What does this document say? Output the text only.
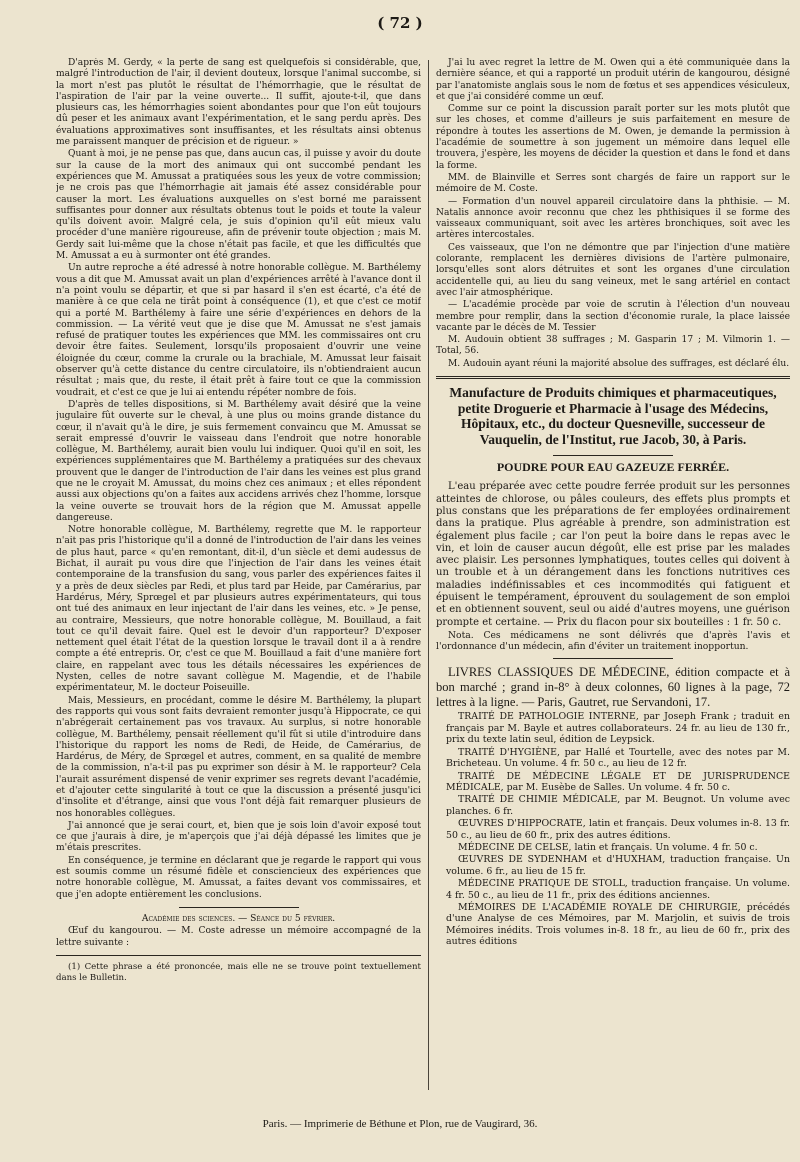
( 72 )

D'après M. Gerdy, « la perte de sang est quelquefois si considérable, que, malgré l'introduction de l'air, il devient douteux, lorsque l'animal succombe, si la mort n'est pas plutôt le résultat de l'hémorrhagie, que le résultat de l'aspiration de l'air par la veine ouverte... Il suffit, ajoute-t-il, que dans plusieurs cas, les hémorrhagies soient abondantes pour que l'on eût toujours dû peser et les animaux avant l'expérimentation, et le sang perdu après. Des évaluations approximatives sont insuffisantes, et les résultats ainsi obtenus me paraissent manquer de précision et de rigueur. »

Quant à moi, je ne pense pas que, dans aucun cas, il puisse y avoir du doute sur la cause de la mort des animaux qui ont succombé pendant les expériences que M. Amussat a pratiquées sous les yeux de votre commission; je ne crois pas que l'hémorrhagie ait jamais été assez considérable pour causer la mort. Les évaluations auxquelles on s'est borné me paraissent suffisantes pour donner aux résultats obtenus tout le poids et toute la valeur qu'ils doivent avoir. Malgré cela, je suis d'opinion qu'il eût mieux valu procéder d'une manière rigoureuse, afin de prévenir toute objection ; mais M. Gerdy sait lui-même que la chose n'était pas facile, et que les difficultés que M. Amussat a eu à surmonter ont été grandes.

Un autre reproche a été adressé à notre honorable collègue. M. Barthélemy vous a dit que M. Amussat avait un plan d'expériences arrêté à l'avance dont il n'a point voulu se départir, et que si par hasard il s'en est écarté, c'a été de manière à ce que cela ne tirât point à conséquence (1), et que c'est ce motif qui a porté M. Barthélemy à faire une série d'expériences en dehors de la commission. — La vérité veut que je dise que M. Amussat ne s'est jamais refusé de pratiquer toutes les expériences que MM. les commissaires ont cru devoir être faites. Seulement, lorsqu'ils proposaient d'ouvrir une veine éloignée du cœur, comme la crurale ou la brachiale, M. Amussat leur faisait observer qu'à cette distance du centre circulatoire, ils n'obtiendraient aucun résultat ; mais que, du reste, il était prêt à faire tout ce que la commission voudrait, et c'est ce que je lui ai entendu répéter nombre de fois.

D'après de telles dispositions, si M. Barthélemy avait désiré que la veine jugulaire fût ouverte sur le cheval, à une plus ou moins grande distance du cœur, il n'avait qu'à le dire, je suis fermement convaincu que M. Amussat se serait empressé d'ouvrir le vaisseau dans l'endroit que notre honorable collègue, M. Barthélemy, aurait bien voulu lui indiquer. Quoi qu'il en soit, les expériences supplémentaires que M. Barthélemy a pratiquées sur des chevaux prouvent que le danger de l'introduction de l'air dans les veines est plus grand que ne le croyait M. Amussat, du moins chez ces animaux ; et elles répondent aussi aux objections qu'on a faites aux accidens arrivés chez l'homme, lorsque la veine ouverte se trouvait hors de la région que M. Amussat appelle dangereuse.

Notre honorable collègue, M. Barthélemy, regrette que M. le rapporteur n'ait pas pris l'historique qu'il a donné de l'introduction de l'air dans les veines de plus haut, parce « qu'en remontant, dit-il, d'un siècle et demi audessus de Bichat, il aurait pu vous dire que l'injection de l'air dans les veines était contemporaine de la transfusion du sang, vous parler des expériences faites il y a près de deux siècles par Redi, et plus tard par Heide, par Camérarius, par Hardérus, Méry, Sprœgel et par plusieurs autres expérimentateurs, qui tous ont tué des animaux en leur injectant de l'air dans les veines, etc. » Je pense, au contraire, Messieurs, que notre honorable collègue, M. Bouillaud, a fait tout ce qu'il devait faire. Quel est le devoir d'un rapporteur? D'exposer nettement quel était l'état de la question lorsque le travail dont il a à rendre compte a été entrepris. Or, c'est ce que M. Bouillaud a fait d'une manière fort claire, en rappelant avec tous les détails nécessaires les expériences de Nysten, celles de notre savant collègue M. Magendie, et de l'habile expérimentateur, M. le docteur Poiseuille.

Mais, Messieurs, en procédant, comme le désire M. Barthélemy, la plupart des rapports qui vous sont faits devraient remonter jusqu'à Hippocrate, ce qui n'abrégerait certainement pas vos travaux. Au surplus, si notre honorable collègue, M. Barthélemy, pensait réellement qu'il fût si utile d'introduire dans l'historique du rapport les noms de Redi, de Heide, de Camérarius, de Hardérus, de Méry, de Sprœgel et autres, comment, en sa qualité de membre de la commission, n'a-t-il pas pu exprimer son désir à M. le rapporteur? Cela l'aurait assurément dispensé de venir exprimer ses regrets devant l'académie, et d'ajouter cette singularité à tout ce que la discussion a présenté jusqu'ici d'insolite et d'étrange, ainsi que vous l'ont déjà fait remarquer plusieurs de nos honorables collègues.

J'ai annoncé que je serai court, et, bien que je sois loin d'avoir exposé tout ce que j'aurais à dire, je m'aperçois que j'ai déjà dépassé les limites que je m'étais prescrites.

En conséquence, je termine en déclarant que je regarde le rapport qui vous est soumis comme un résumé fidèle et consciencieux des expériences que notre honorable collègue, M. Amussat, a faites devant vos commissaires, et que j'en adopte entièrement les conclusions.

Académie des sciences. — Séance du 5 février.

Œuf du kangourou. — M. Coste adresse un mémoire accompagné de la lettre suivante :

(1) Cette phrase a été prononcée, mais elle ne se trouve point textuellement dans le Bulletin.

J'ai lu avec regret la lettre de M. Owen qui a été communiquée dans la dernière séance, et qui a rapporté un produit utérin de kangourou, désigné par l'anatomiste anglais sous le nom de fœtus et ses appendices vésiculeux, et que j'ai considéré comme un œuf.

Comme sur ce point la discussion paraît porter sur les mots plutôt que sur les choses, et comme d'ailleurs je suis parfaitement en mesure de répondre à toutes les assertions de M. Owen, je demande la permission à l'académie de soumettre à son jugement un mémoire dans lequel elle trouvera, j'espère, les moyens de décider la question et dans le fond et dans la forme.

MM. de Blainville et Serres sont chargés de faire un rapport sur le mémoire de M. Coste.

— Formation d'un nouvel appareil circulatoire dans la phthisie. — M. Natalis annonce avoir reconnu que chez les phthisiques il se forme des vaisseaux communiquant, soit avec les artères bronchiques, soit avec les artères intercostales.

Ces vaisseaux, que l'on ne démontre que par l'injection d'une matière colorante, remplacent les dernières divisions de l'artère pulmonaire, lorsqu'elles sont alors détruites et sont les organes d'une circulation accidentelle qui, au lieu du sang veineux, met le sang artériel en contact avec l'air atmosphérique.

— L'académie procède par voie de scrutin à l'élection d'un nouveau membre pour remplir, dans la section d'économie rurale, la place laissée vacante par le décès de M. Tessier

M. Audouin obtient 38 suffrages ; M. Gasparin 17 ; M. Vilmorin 1. — Total, 56.

M. Audouin ayant réuni la majorité absolue des suffrages, est déclaré élu.

Manufacture de Produits chimiques et pharmaceutiques, petite Droguerie et Pharmacie à l'usage des Médecins, Hôpitaux, etc., du docteur Quesneville, successeur de Vauquelin, de l'Institut, rue Jacob, 30, à Paris.
POUDRE POUR EAU GAZEUZE FERRÉE.

L'eau préparée avec cette poudre ferrée produit sur les personnes atteintes de chlorose, ou pâles couleurs, des effets plus prompts et plus constans que les préparations de fer employées ordinairement dans la pratique. Plus agréable à prendre, son administration est également plus facile ; car l'on peut la boire dans le repas avec le vin, et loin de causer aucun dégoût, elle est prise par les malades avec plaisir. Les personnes lymphatiques, toutes celles qui doivent à un trouble et à un dérangement dans les fonctions nutritives ces maladies indéfinissables et ces incommodités qui fatiguent et épuisent le tempérament, éprouvent du soulagement de son emploi et en obtiennent souvent, seul ou aidé d'autres moyens, une guérison prompte et certaine. — Prix du flacon pour six bouteilles : 1 fr. 50 c.

Nota. Ces médicamens ne sont délivrés que d'après l'avis et l'ordonnance d'un médecin, afin d'éviter un traitement inopportun.

LIVRES CLASSIQUES DE MÉDECINE, édition compacte et à bon marché ; grand in-8° à deux colonnes, 60 lignes à la page, 72 lettres à la ligne. — Paris, Gautret, rue Servandoni, 17.

TRAITÉ DE PATHOLOGIE INTERNE, par Joseph Frank ; traduit en français par M. Bayle et autres collaborateurs. 24 fr. au lieu de 130 fr., prix du texte latin seul, édition de Leypsick.

TRAITÉ D'HYGIÈNE, par Hallé et Tourtelle, avec des notes par M. Bricheteau. Un volume. 4 fr. 50 c., au lieu de 12 fr.

TRAITÉ DE MÉDECINE LÉGALE ET DE JURISPRUDENCE MÉDICALE, par M. Eusèbe de Salles. Un volume. 4 fr. 50 c.

TRAITÉ DE CHIMIE MÉDICALE, par M. Beugnot. Un volume avec planches. 6 fr.

ŒUVRES D'HIPPOCRATE, latin et français. Deux volumes in-8. 13 fr. 50 c., au lieu de 60 fr., prix des autres éditions.

MÉDECINE DE CELSE, latin et français. Un volume. 4 fr. 50 c.

ŒUVRES DE SYDENHAM et d'HUXHAM, traduction française. Un volume. 6 fr., au lieu de 15 fr.

MÉDECINE PRATIQUE DE STOLL, traduction française. Un volume. 4 fr. 50 c., au lieu de 11 fr., prix des éditions anciennes.

MÉMOIRES DE L'ACADÉMIE ROYALE DE CHIRURGIE, précédés d'une Analyse de ces Mémoires, par M. Marjolin, et suivis de trois Mémoires inédits. Trois volumes in-8. 18 fr., au lieu de 60 fr., prix des autres éditions

Paris. — Imprimerie de Béthune et Plon, rue de Vaugirard, 36.
